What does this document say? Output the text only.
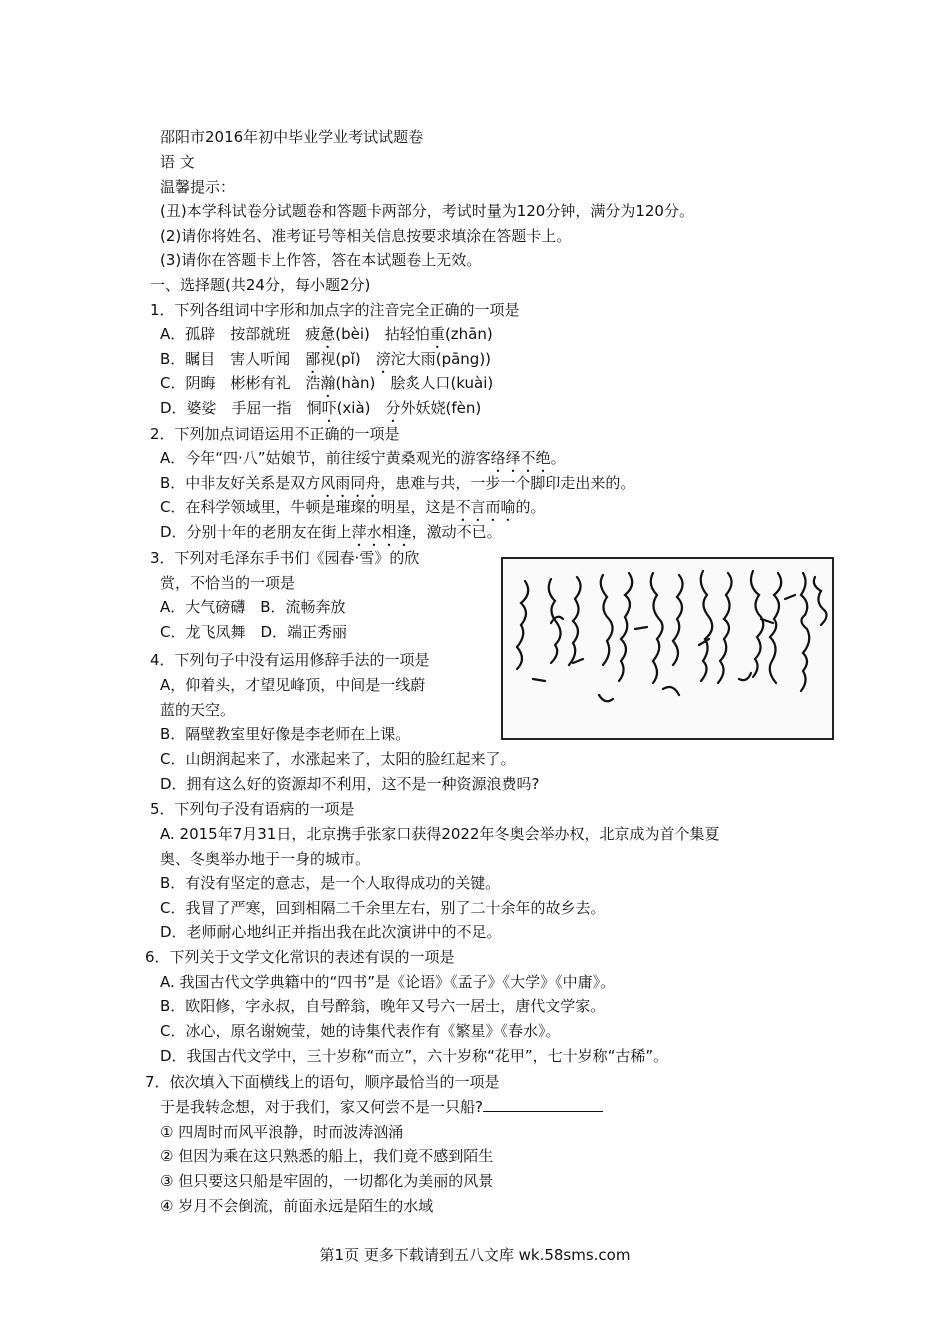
邵阳市2016年初中毕业学业考试试题卷
语 文
温馨提示：
(丑)本学科试卷分试题卷和答题卡两部分，考试时量为120分钟，满分为120分。
(2)请你将姓名、准考证号等相关信息按要求填涂在答题卡上。
(3)请你在答题卡上作答，答在本试题卷上无效。
一、选择题(共24分，每小题2分)
1．下列各组词中字形和加点字的注音完全正确的一项是
A．孤辟　按部就班　疲惫(bèi)　拈轻怕重(zhān)
B．瞩目　害人听闻　鄙视(pǐ)　滂沱大雨(pāng))
C．阴晦　彬彬有礼　浩瀚(hàn)　脍炙人口(kuài)
D．婆娑　手屈一指　恫吓(xià)　分外妖娆(fèn)
2．下列加点词语运用不正确的一项是
A．今年“四·八”姑娘节，前往绥宁黄桑观光的游客络绎不绝。
B．中非友好关系是双方风雨同舟，患难与共，一步一个脚印走出来的。
C．在科学领域里，牛顿是璀璨的明星，这是不言而喻的。
D．分别十年的老朋友在街上萍水相逢，激动不已。
3．下列对毛泽东手书们《园春·雪》的欣
赏，不恰当的一项是
A．大气磅礴　B．流畅奔放
C．龙飞凤舞　D．端正秀丽
4．下列句子中没有运用修辞手法的一项是
A，仰着头，才望见峰顶，中间是一线蔚
蓝的天空。
B．隔壁教室里好像是李老师在上课。
C．山朗润起来了，水涨起来了，太阳的脸红起来了。
D．拥有这么好的资源却不利用，这不是一种资源浪费吗?
5．下列句子没有语病的一项是
A. 2015年7月31日，北京携手张家口获得2022年冬奥会举办权，北京成为首个集夏
奥、冬奥举办地于一身的城市。
B．有没有坚定的意志，是一个人取得成功的关键。
C．我冒了严寒，回到相隔二千余里左右，别了二十余年的故乡去。
D．老师耐心地纠正并指出我在此次演讲中的不足。
6．下列关于文学文化常识的表述有误的一项是
A. 我国古代文学典籍中的“四书”是《论语》《孟子》《大学》《中庸》。
B．欧阳修，字永叔，自号醉翁，晚年又号六一居士，唐代文学家。
C．冰心，原名谢婉莹，她的诗集代表作有《繁星》《春水》。
D．我国古代文学中，三十岁称“而立”，六十岁称“花甲”，七十岁称“古稀”。
7．依次填入下面横线上的语句，顺序最恰当的一项是
于是我转念想，对于我们，家又何尝不是一只船?
① 四周时而风平浪静，时而波涛汹涌
② 但因为乘在这只熟悉的船上，我们竟不感到陌生
③ 但只要这只船是牢固的，一切都化为美丽的风景
④ 岁月不会倒流，前面永远是陌生的水域
第1页 更多下载请到五八文库 wk.58sms.com
